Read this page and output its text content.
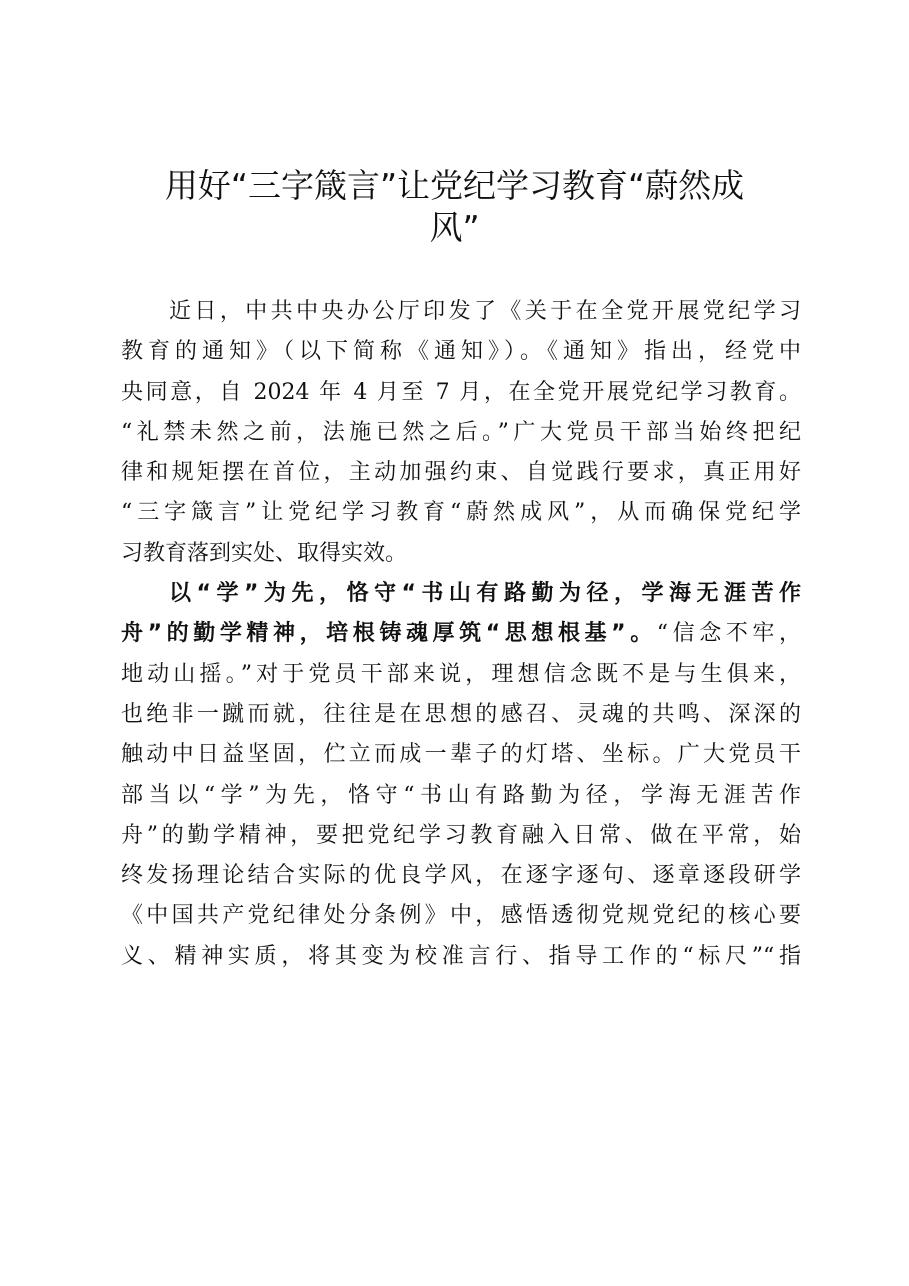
用好“三字箴言”让党纪学习教育“蔚然成
风”
近日，中共中央办公厅印发了《关于在全党开展党纪学习
教育的通知》（以下简称《通知》）。《通知》指出，经党中
央同意，自 2024 年 4 月至 7 月，在全党开展党纪学习教育。
“礼禁未然之前，法施已然之后。”广大党员干部当始终把纪
律和规矩摆在首位，主动加强约束、自觉践行要求，真正用好
“三字箴言”让党纪学习教育“蔚然成风”，从而确保党纪学
习教育落到实处、取得实效。
以“学”为先，恪守“书山有路勤为径，学海无涯苦作
舟”的勤学精神，培根铸魂厚筑“思想根基”。“信念不牢，
地动山摇。”对于党员干部来说，理想信念既不是与生俱来，
也绝非一蹴而就，往往是在思想的感召、灵魂的共鸣、深深的
触动中日益坚固，伫立而成一辈子的灯塔、坐标。广大党员干
部当以“学”为先，恪守“书山有路勤为径，学海无涯苦作
舟”的勤学精神，要把党纪学习教育融入日常、做在平常，始
终发扬理论结合实际的优良学风，在逐字逐句、逐章逐段研学
《中国共产党纪律处分条例》中，感悟透彻党规党纪的核心要
义、精神实质，将其变为校准言行、指导工作的“标尺”“指
